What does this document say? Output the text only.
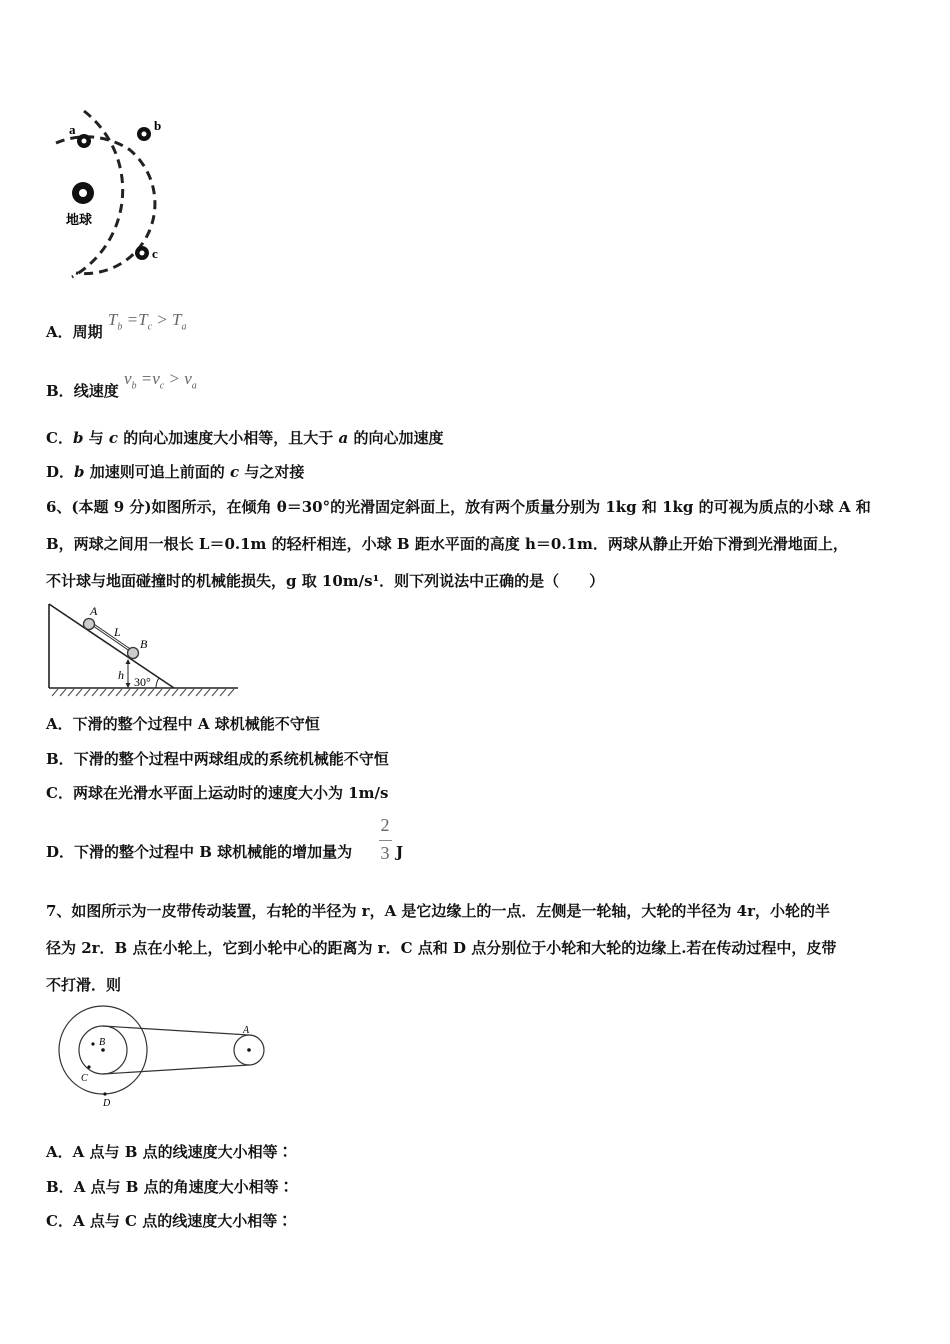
地球
a	b
c
A．周期 $T_b =T_c > T_a$
B．线速度 $v_b =v_c > v_a$
C．b 与 c 的向心加速度大小相等，且大于 a 的向心加速度
D．b 加速则可追上前面的 c 与之对接
6、(本题 9 分)如图所示，在倾角 θ＝30°的光滑固定斜面上，放有两个质量分别为 1kg 和 1kg 的可视为质点的小球 A 和
B，两球之间用一根长 L＝0.1m 的轻杆相连，小球 B 距水平面的高度 h＝0.1m．两球从静止开始下滑到光滑地面上，
不计球与地面碰撞时的机械能损失，g 取 10m/s¹．则下列说法中正确的是（　　）
A
L
B
h 30°
A．下滑的整个过程中 A 球机械能不守恒
B．下滑的整个过程中两球组成的系统机械能不守恒
C．两球在光滑水平面上运动时的速度大小为 1m/s
D．下滑的整个过程中 B 球机械能的增加量为
2
3 J
7、如图所示为一皮带传动装置，右轮的半径为 r，A 是它边缘上的一点．左侧是一轮轴，大轮的半径为 4r，小轮的半
径为 2r．B 点在小轮上，它到小轮中心的距离为 r．C 点和 D 点分别位于小轮和大轮的边缘上.若在传动过程中，皮带
不打滑．则
B
C
D
A
A．A 点与 B 点的线速度大小相等∶
B．A 点与 B 点的角速度大小相等∶
C．A 点与 C 点的线速度大小相等∶
